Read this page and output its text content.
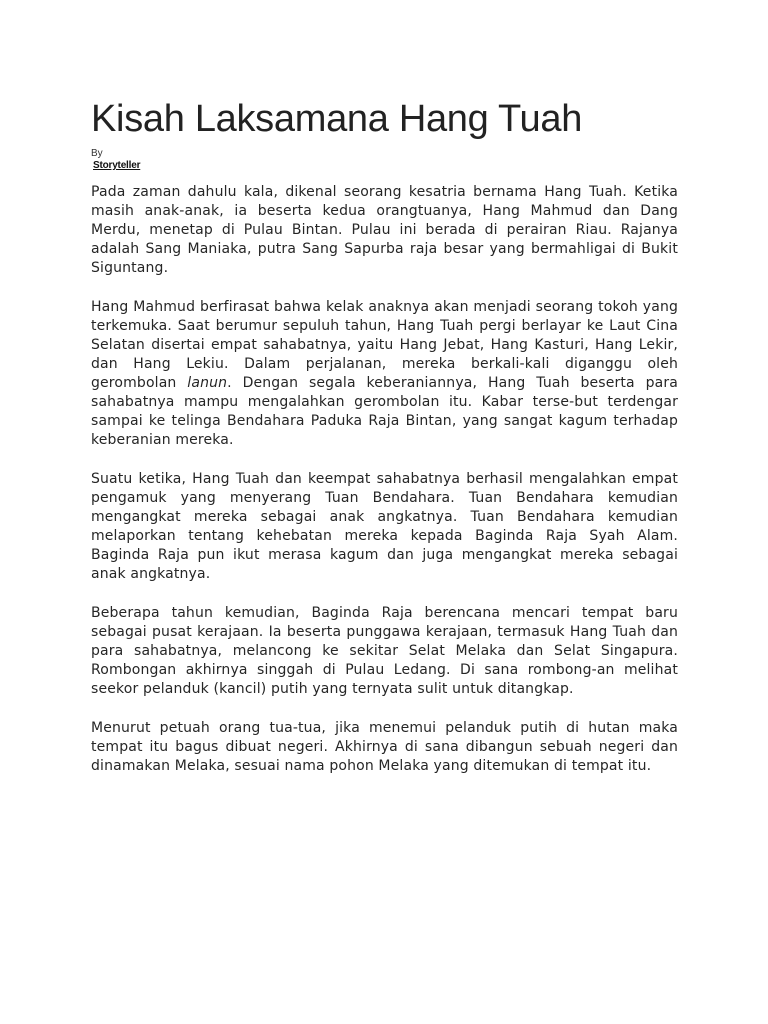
Kisah Laksamana Hang Tuah
By
Storyteller

Pada zaman dahulu kala, dikenal seorang kesatria bernama Hang Tuah. Ketika masih anak-anak, ia beserta kedua orangtuanya, Hang Mahmud dan Dang Merdu, menetap di Pulau Bintan. Pulau ini berada di perairan Riau. Rajanya adalah Sang Maniaka, putra Sang Sapurba raja besar yang bermahligai di Bukit Siguntang.

Hang Mahmud berfirasat bahwa kelak anaknya akan menjadi seorang tokoh yang terkemuka. Saat berumur sepuluh tahun, Hang Tuah pergi berlayar ke Laut Cina Selatan disertai empat sahabatnya, yaitu Hang Jebat, Hang Kasturi, Hang Lekir, dan Hang Lekiu. Dalam perjalanan, mereka berkali-kali diganggu oleh gerombolan lanun. Dengan segala keberaniannya, Hang Tuah beserta para sahabatnya mampu mengalahkan gerombolan itu. Kabar terse-but terdengar sampai ke telinga Bendahara Paduka Raja Bintan, yang sangat kagum terhadap keberanian mereka.

Suatu ketika, Hang Tuah dan keempat sahabatnya berhasil mengalahkan empat pengamuk yang menyerang Tuan Bendahara. Tuan Bendahara kemudian mengangkat mereka sebagai anak angkatnya. Tuan Bendahara kemudian melaporkan tentang kehebatan mereka kepada Baginda Raja Syah Alam. Baginda Raja pun ikut merasa kagum dan juga mengangkat mereka sebagai anak angkatnya.

Beberapa tahun kemudian, Baginda Raja berencana mencari tempat baru sebagai pusat kerajaan. Ia beserta punggawa kerajaan, termasuk Hang Tuah dan para sahabatnya, melancong ke sekitar Selat Melaka dan Selat Singapura. Rombongan akhirnya singgah di Pulau Ledang. Di sana rombong-an melihat seekor pelanduk (kancil) putih yang ternyata sulit untuk ditangkap.

Menurut petuah orang tua-tua, jika menemui pelanduk putih di hutan maka tempat itu bagus dibuat negeri. Akhirnya di sana dibangun sebuah negeri dan dinamakan Melaka, sesuai nama pohon Melaka yang ditemukan di tempat itu.
